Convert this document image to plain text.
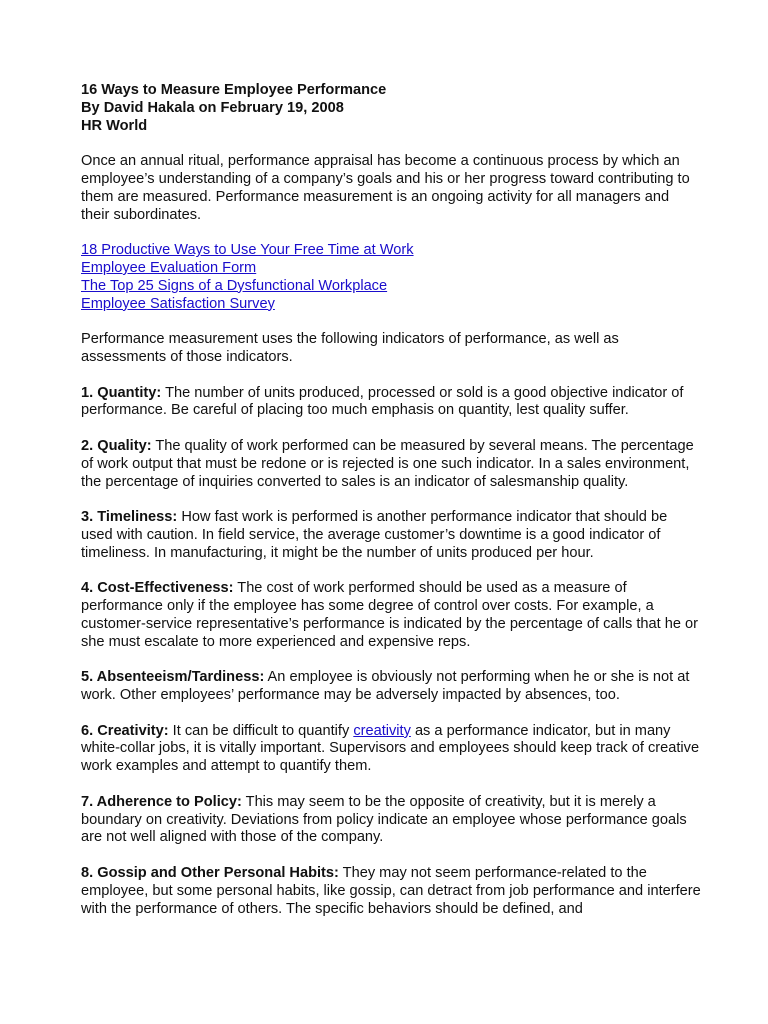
16 Ways to Measure Employee Performance

By David Hakala on February 19, 2008

HR World

Once an annual ritual, performance appraisal has become a continuous process by which an employee’s understanding of a company’s goals and his or her progress toward contributing to them are measured. Performance measurement is an ongoing activity for all managers and their subordinates.

18 Productive Ways to Use Your Free Time at Work
Employee Evaluation Form
The Top 25 Signs of a Dysfunctional Workplace
Employee Satisfaction Survey

Performance measurement uses the following indicators of performance, as well as assessments of those indicators.

1. Quantity: The number of units produced, processed or sold is a good objective indicator of performance. Be careful of placing too much emphasis on quantity, lest quality suffer.

2. Quality: The quality of work performed can be measured by several means. The percentage of work output that must be redone or is rejected is one such indicator. In a sales environment, the percentage of inquiries converted to sales is an indicator of salesmanship quality.

3. Timeliness: How fast work is performed is another performance indicator that should be used with caution. In field service, the average customer’s downtime is a good indicator of timeliness. In manufacturing, it might be the number of units produced per hour.

4. Cost-Effectiveness: The cost of work performed should be used as a measure of performance only if the employee has some degree of control over costs. For example, a customer-service representative’s performance is indicated by the percentage of calls that he or she must escalate to more experienced and expensive reps.

5. Absenteeism/Tardiness: An employee is obviously not performing when he or she is not at work. Other employees’ performance may be adversely impacted by absences, too.

6. Creativity: It can be difficult to quantify creativity as a performance indicator, but in many white-collar jobs, it is vitally important. Supervisors and employees should keep track of creative work examples and attempt to quantify them.

7. Adherence to Policy: This may seem to be the opposite of creativity, but it is merely a boundary on creativity. Deviations from policy indicate an employee whose performance goals are not well aligned with those of the company.

8. Gossip and Other Personal Habits: They may not seem performance-related to the employee, but some personal habits, like gossip, can detract from job performance and interfere with the performance of others. The specific behaviors should be defined, and
